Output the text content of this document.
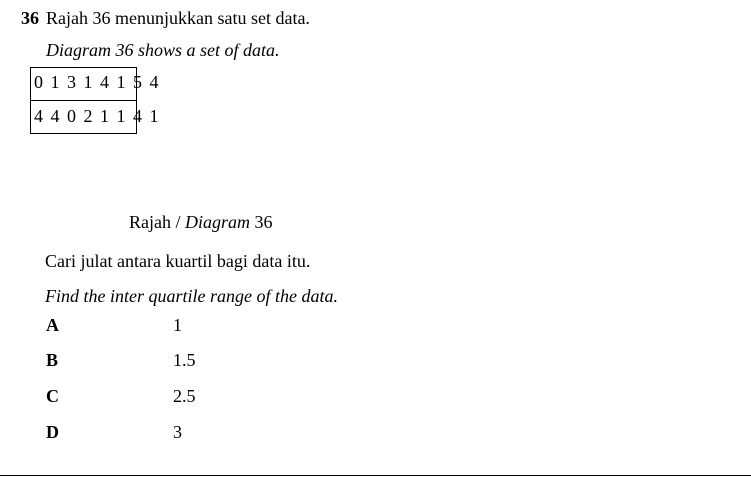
36 Rajah 36 menunjukkan satu set data.
Diagram 36 shows a set of data.
0 1 3 1 4 1 5 4
4 4 0 2 1 1 4 1
Rajah / Diagram 36
Cari julat antara kuartil bagi data itu.
Find the inter quartile range of the data.
A	1
B	1.5
C	2.5
D	3
